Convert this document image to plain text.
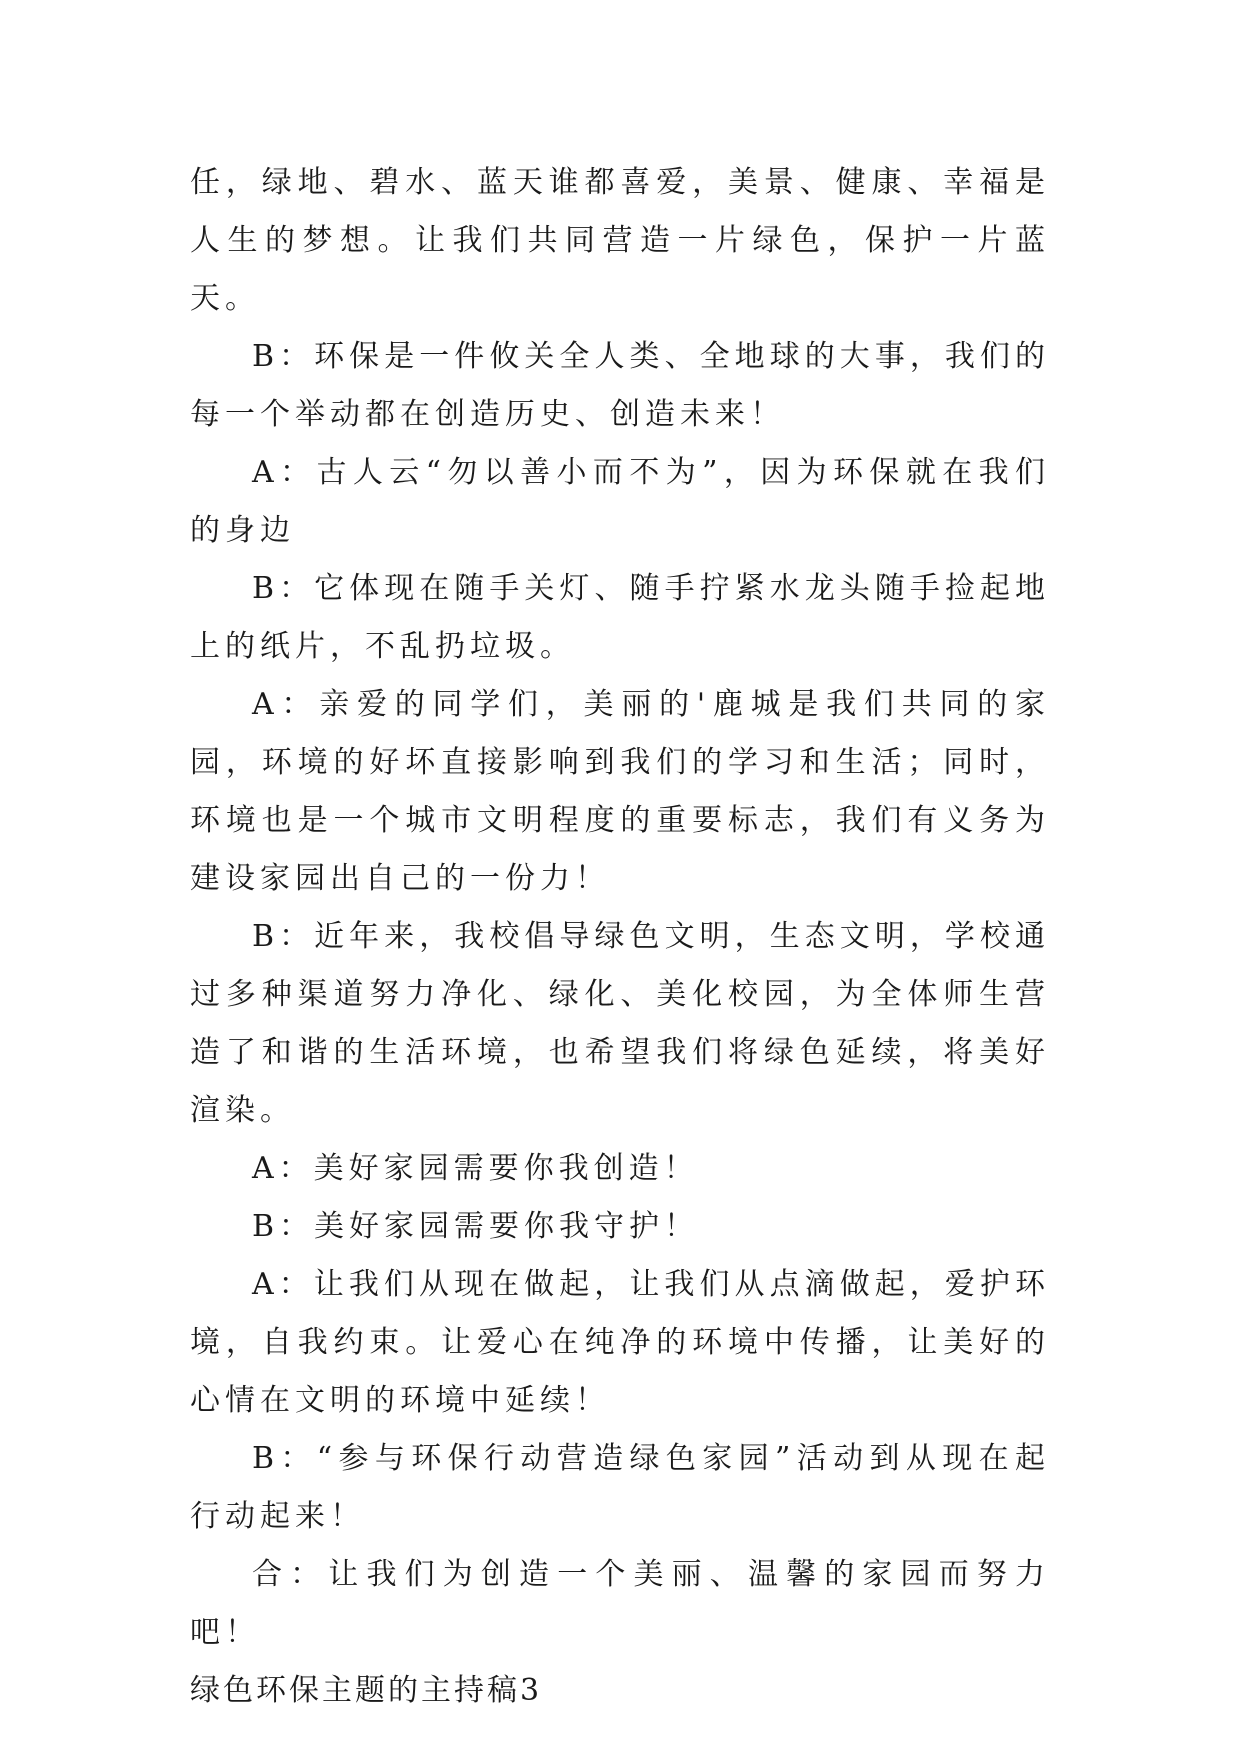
任，绿地、碧水、蓝天谁都喜爱，美景、健康、幸福是人生的梦想。让我们共同营造一片绿色，保护一片蓝天。

B：环保是一件攸关全人类、全地球的大事，我们的每一个举动都在创造历史、创造未来！

A：古人云“勿以善小而不为”，因为环保就在我们的身边

B：它体现在随手关灯、随手拧紧水龙头随手捡起地上的纸片，不乱扔垃圾。

A：亲爱的同学们，美丽的'鹿城是我们共同的家园，环境的好坏直接影响到我们的学习和生活；同时，环境也是一个城市文明程度的重要标志，我们有义务为建设家园出自己的一份力！

B：近年来，我校倡导绿色文明，生态文明，学校通过多种渠道努力净化、绿化、美化校园，为全体师生营造了和谐的生活环境，也希望我们将绿色延续，将美好渲染。

A：美好家园需要你我创造！

B：美好家园需要你我守护！

A：让我们从现在做起，让我们从点滴做起，爱护环境，自我约束。让爱心在纯净的环境中传播，让美好的心情在文明的环境中延续！

B：“参与环保行动营造绿色家园”活动到从现在起行动起来！

合：让我们为创造一个美丽、温馨的家园而努力吧！

绿色环保主题的主持稿3
